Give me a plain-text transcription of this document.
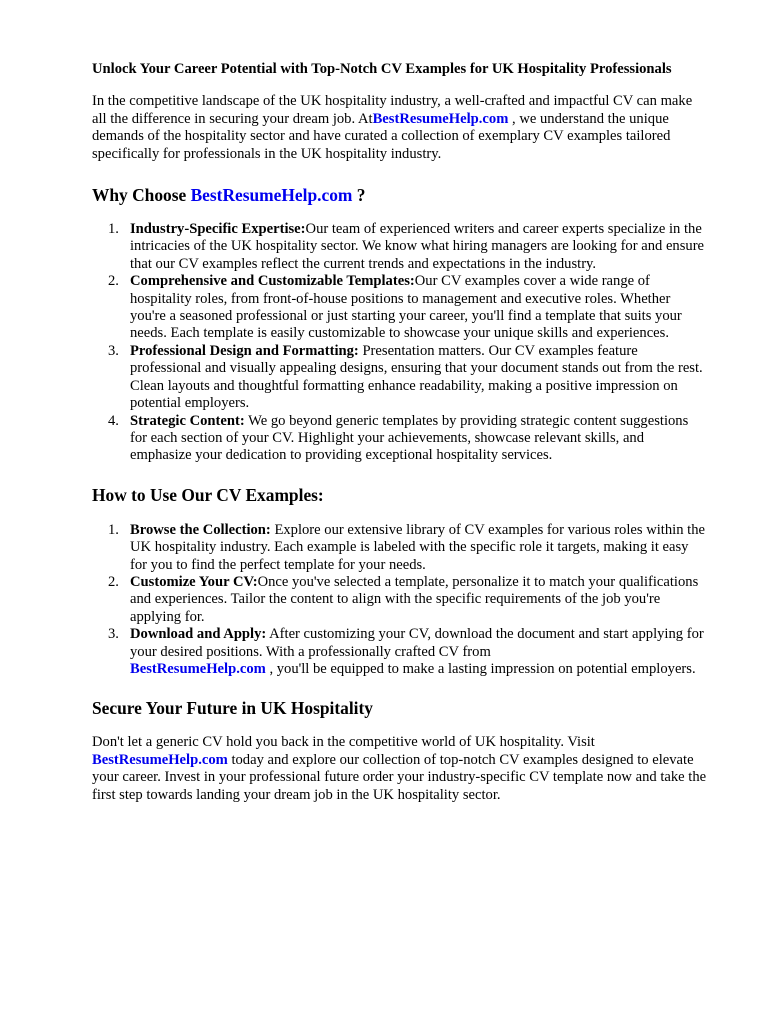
Unlock Your Career Potential with Top-Notch CV Examples for UK Hospitality Professionals

In the competitive landscape of the UK hospitality industry, a well-crafted and impactful CV can make all the difference in securing your dream job. AtBestResumeHelp.com , we understand the unique demands of the hospitality sector and have curated a collection of exemplary CV examples tailored specifically for professionals in the UK hospitality industry.

Why Choose BestResumeHelp.com ?
1. Industry-Specific Expertise:Our team of experienced writers and career experts specialize in the intricacies of the UK hospitality sector. We know what hiring managers are looking for and ensure that our CV examples reflect the current trends and expectations in the industry.
2. Comprehensive and Customizable Templates:Our CV examples cover a wide range of hospitality roles, from front-of-house positions to management and executive roles. Whether you're a seasoned professional or just starting your career, you'll find a template that suits your needs. Each template is easily customizable to showcase your unique skills and experiences.
3. Professional Design and Formatting: Presentation matters. Our CV examples feature professional and visually appealing designs, ensuring that your document stands out from the rest. Clean layouts and thoughtful formatting enhance readability, making a positive impression on potential employers.
4. Strategic Content: We go beyond generic templates by providing strategic content suggestions for each section of your CV. Highlight your achievements, showcase relevant skills, and emphasize your dedication to providing exceptional hospitality services.
How to Use Our CV Examples:
1. Browse the Collection: Explore our extensive library of CV examples for various roles within the UK hospitality industry. Each example is labeled with the specific role it targets, making it easy for you to find the perfect template for your needs.
2. Customize Your CV:Once you've selected a template, personalize it to match your qualifications and experiences. Tailor the content to align with the specific requirements of the job you're applying for.
3. Download and Apply: After customizing your CV, download the document and start applying for your desired positions. With a professionally crafted CV from
BestResumeHelp.com , you'll be equipped to make a lasting impression on potential employers.
Secure Your Future in UK Hospitality

Don't let a generic CV hold you back in the competitive world of UK hospitality. Visit
BestResumeHelp.com today and explore our collection of top-notch CV examples designed to elevate your career. Invest in your professional future order your industry-specific CV template now and take the first step towards landing your dream job in the UK hospitality sector.
